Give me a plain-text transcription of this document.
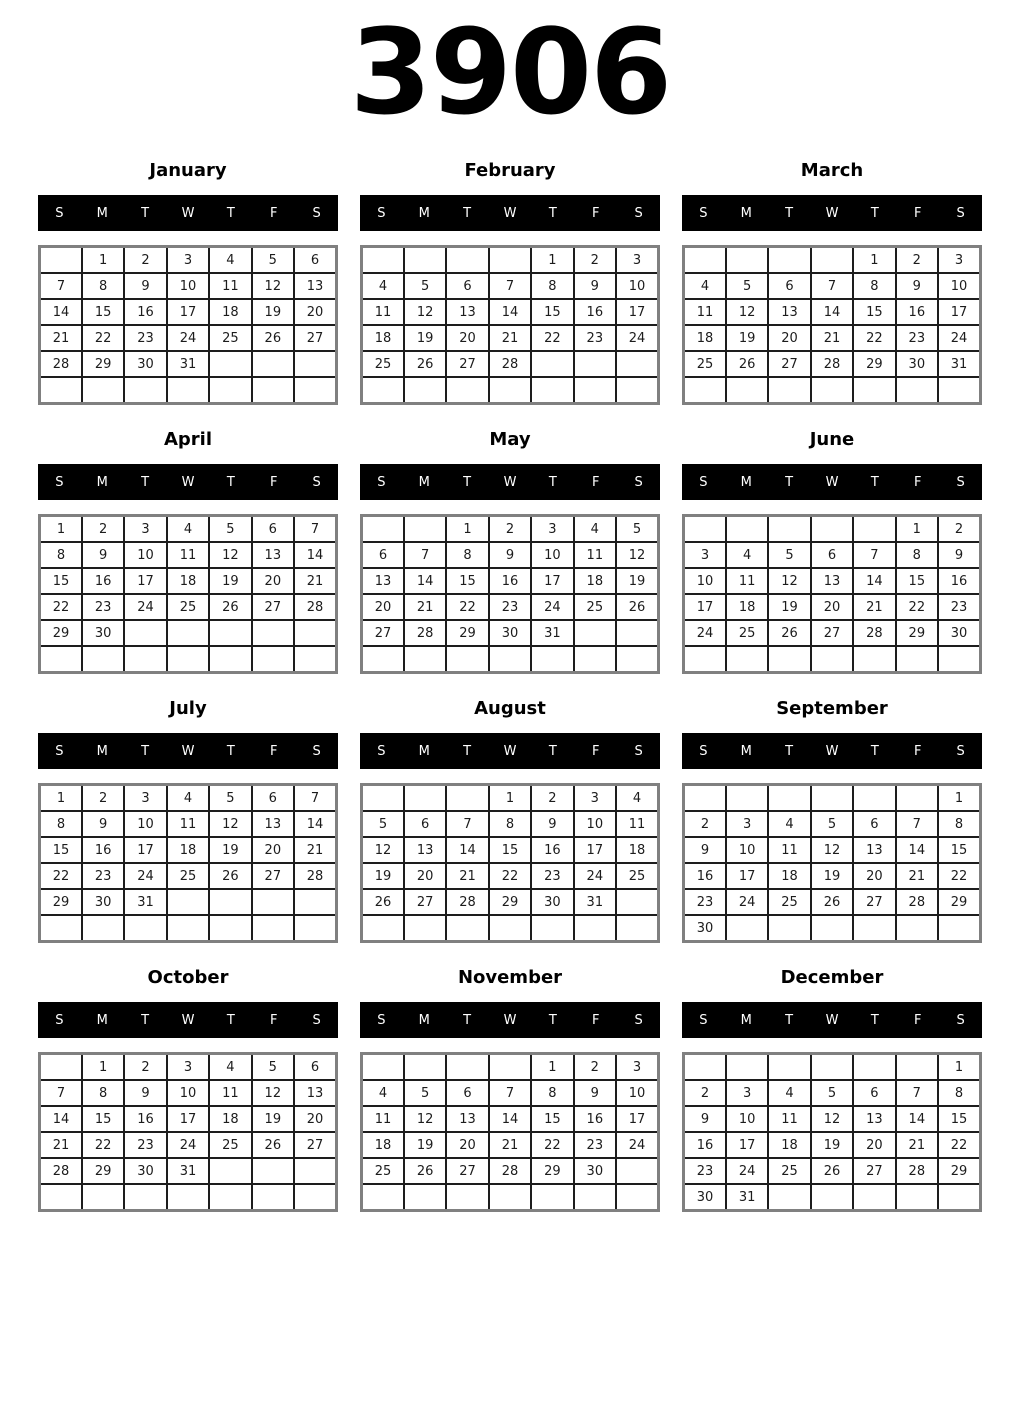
3906
January
S	M	T	W	T	F	S
	1	2	3	4	5	6
7	8	9	10	11	12	13
14	15	16	17	18	19	20
21	22	23	24	25	26	27
28	29	30	31			

February
S	M	T	W	T	F	S
				1	2	3
4	5	6	7	8	9	10
11	12	13	14	15	16	17
18	19	20	21	22	23	24
25	26	27	28			

March
S	M	T	W	T	F	S
				1	2	3
4	5	6	7	8	9	10
11	12	13	14	15	16	17
18	19	20	21	22	23	24
25	26	27	28	29	30	31

April
S	M	T	W	T	F	S
1	2	3	4	5	6	7
8	9	10	11	12	13	14
15	16	17	18	19	20	21
22	23	24	25	26	27	28
29	30					

May
S	M	T	W	T	F	S
		1	2	3	4	5
6	7	8	9	10	11	12
13	14	15	16	17	18	19
20	21	22	23	24	25	26
27	28	29	30	31		

June
S	M	T	W	T	F	S
					1	2
3	4	5	6	7	8	9
10	11	12	13	14	15	16
17	18	19	20	21	22	23
24	25	26	27	28	29	30

July
S	M	T	W	T	F	S
1	2	3	4	5	6	7
8	9	10	11	12	13	14
15	16	17	18	19	20	21
22	23	24	25	26	27	28
29	30	31				

August
S	M	T	W	T	F	S
			1	2	3	4
5	6	7	8	9	10	11
12	13	14	15	16	17	18
19	20	21	22	23	24	25
26	27	28	29	30	31	

September
S	M	T	W	T	F	S
						1
2	3	4	5	6	7	8
9	10	11	12	13	14	15
16	17	18	19	20	21	22
23	24	25	26	27	28	29
30						
October
S	M	T	W	T	F	S
	1	2	3	4	5	6
7	8	9	10	11	12	13
14	15	16	17	18	19	20
21	22	23	24	25	26	27
28	29	30	31			

November
S	M	T	W	T	F	S
				1	2	3
4	5	6	7	8	9	10
11	12	13	14	15	16	17
18	19	20	21	22	23	24
25	26	27	28	29	30	

December
S	M	T	W	T	F	S
						1
2	3	4	5	6	7	8
9	10	11	12	13	14	15
16	17	18	19	20	21	22
23	24	25	26	27	28	29
30	31					
